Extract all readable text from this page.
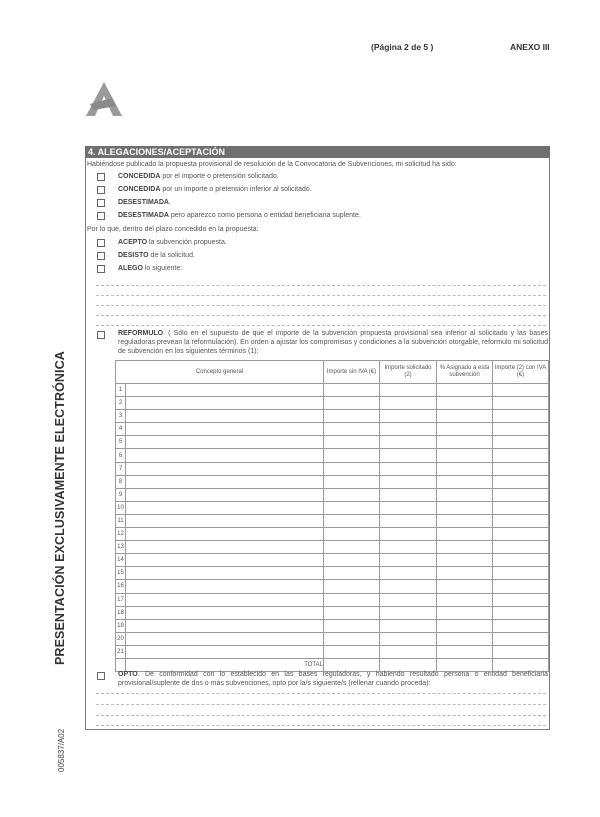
(Página 2 de 5 )	ANEXO III
PRESENTACIÓN EXCLUSIVAMENTE ELECTRÓNICA
005837/A02
4. ALEGACIONES/ACEPTACIÓN
Habiéndose publicado la propuesta provisional de resolución de la Convocatoria de Subvenciones, mi solicitud ha sido:
CONCEDIDA por el importe o pretensión solicitado.
CONCEDIDA por un importe o pretensión inferior al solicitado.
DESESTIMADA.
DESESTIMADA pero aparezco como persona o entidad beneficiaria suplente.
Por lo que, dentro del plazo concedido en la propuesta:
ACEPTO la subvención propuesta.
DESISTO de la solicitud.
ALEGO lo siguiente:
REFORMULO. ( Sólo en el supuesto de que el importe de la subvención propuesta provisional sea inferior al solicitado y las bases reguladoras prevean la reformulación). En orden a ajustar los compromisos y condiciones a la subvención otorgable, reformulo mi solicitud de subvención en los siguientes términos (1):
Concepto general		Importe sin IVA (€)	Importe solicitado (2)	% Asignado a esta subvención	Importe (2) con IVA (€)
1					
2					
3					
4					
5					
6					
7					
8					
9					
10					
11					
12					
13					
14					
15					
16					
17					
18					
19					
20					
21					
	TOTAL				
OPTO. De conformidad con lo establecido en las bases reguladoras, y habiendo resultado persona o entidad beneficiaria provisional/suplente de dos o más subvenciones, opto por la/s siguiente/s (rellenar cuando proceda):
